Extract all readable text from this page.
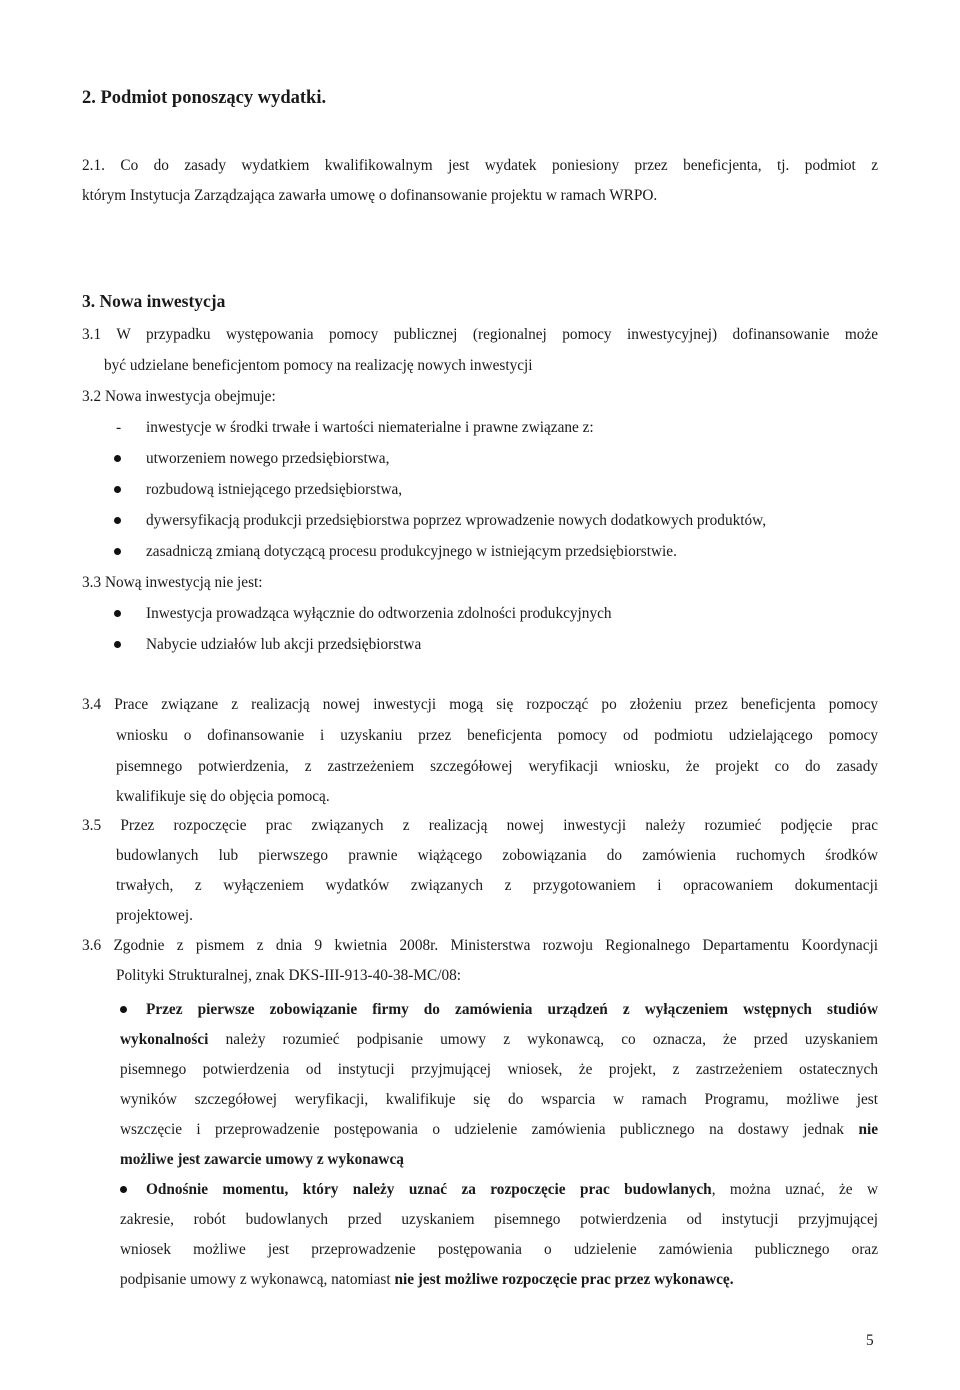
2. Podmiot ponoszący wydatki.

2.1. Co do zasady wydatkiem kwalifikowalnym jest wydatek poniesiony przez beneficjenta, tj. podmiot z

którym Instytucja Zarządzająca zawarła umowę o dofinansowanie projektu w ramach WRPO.

3. Nowa inwestycja

3.1 W przypadku występowania pomocy publicznej (regionalnej pomocy inwestycyjnej) dofinansowanie może

być udzielane beneficjentom pomocy na realizację nowych inwestycji

3.2 Nowa inwestycja obejmuje:

- inwestycje w środki trwałe i wartości niematerialne i prawne związane z:

utworzeniem nowego przedsiębiorstwa,

rozbudową istniejącego przedsiębiorstwa,

dywersyfikacją produkcji przedsiębiorstwa poprzez wprowadzenie nowych dodatkowych produktów,

zasadniczą zmianą dotyczącą procesu produkcyjnego w istniejącym przedsiębiorstwie.

3.3 Nową inwestycją nie jest:

Inwestycja prowadząca wyłącznie do odtworzenia zdolności produkcyjnych

Nabycie udziałów lub akcji przedsiębiorstwa

3.4 Prace związane z realizacją nowej inwestycji mogą się rozpocząć po złożeniu przez beneficjenta pomocy

wniosku o dofinansowanie i uzyskaniu przez beneficjenta pomocy od podmiotu udzielającego pomocy

pisemnego potwierdzenia, z zastrzeżeniem szczegółowej weryfikacji wniosku, że projekt co do zasady

kwalifikuje się do objęcia pomocą.

3.5 Przez rozpoczęcie prac związanych z realizacją nowej inwestycji należy rozumieć podjęcie prac

budowlanych lub pierwszego prawnie wiążącego zobowiązania do zamówienia ruchomych środków

trwałych, z wyłączeniem wydatków związanych z przygotowaniem i opracowaniem dokumentacji

projektowej.

3.6 Zgodnie z pismem z dnia 9 kwietnia 2008r. Ministerstwa rozwoju Regionalnego Departamentu Koordynacji

Polityki Strukturalnej, znak DKS-III-913-40-38-MC/08:

Przez pierwsze zobowiązanie firmy do zamówienia urządzeń z wyłączeniem wstępnych studiów

wykonalności należy rozumieć podpisanie umowy z wykonawcą, co oznacza, że przed uzyskaniem

pisemnego potwierdzenia od instytucji przyjmującej wniosek, że projekt, z zastrzeżeniem ostatecznych

wyników szczegółowej weryfikacji, kwalifikuje się do wsparcia w ramach Programu, możliwe jest

wszczęcie i przeprowadzenie postępowania o udzielenie zamówienia publicznego na dostawy jednak nie

możliwe jest zawarcie umowy z wykonawcą

Odnośnie momentu, który należy uznać za rozpoczęcie prac budowlanych, można uznać, że w

zakresie, robót budowlanych przed uzyskaniem pisemnego potwierdzenia od instytucji przyjmującej

wniosek możliwe jest przeprowadzenie postępowania o udzielenie zamówienia publicznego oraz

podpisanie umowy z wykonawcą, natomiast nie jest możliwe rozpoczęcie prac przez wykonawcę.

5
